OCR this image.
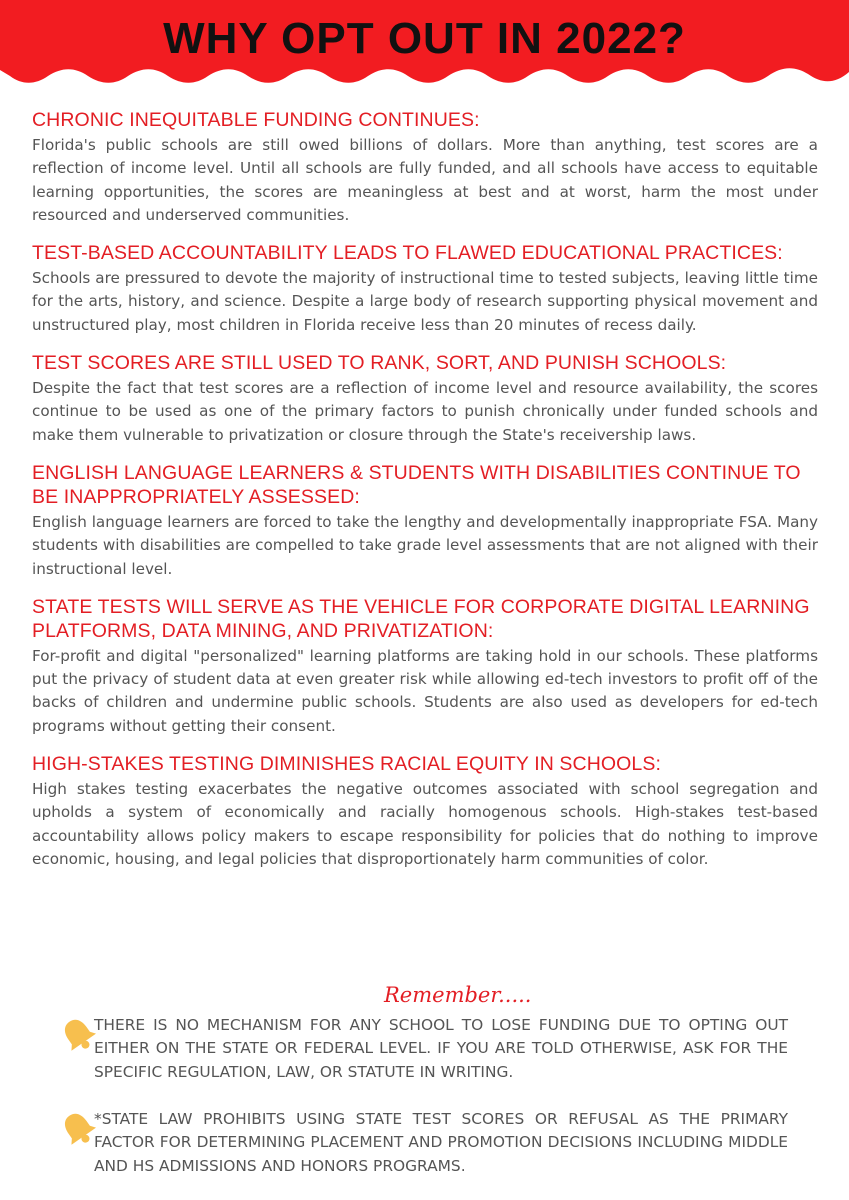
WHY OPT OUT IN 2022?
CHRONIC INEQUITABLE FUNDING CONTINUES:

Florida's public schools are still owed billions of dollars. More than anything, test scores are a reflection of income level. Until all schools are fully funded, and all schools have access to equitable learning opportunities, the scores are meaningless at best and at worst, harm the most under resourced and underserved communities.

TEST-BASED ACCOUNTABILITY LEADS TO FLAWED EDUCATIONAL PRACTICES:

Schools are pressured to devote the majority of instructional time to tested subjects, leaving little time for the arts, history, and science. Despite a large body of research supporting physical movement and unstructured play, most children in Florida receive less than 20 minutes of recess daily.

TEST SCORES ARE STILL USED TO RANK, SORT, AND PUNISH SCHOOLS:

Despite the fact that test scores are a reflection of income level and resource availability, the scores continue to be used as one of the primary factors to punish chronically under funded schools and make them vulnerable to privatization or closure through the State's receivership laws.

ENGLISH LANGUAGE LEARNERS & STUDENTS WITH DISABILITIES CONTINUE TO BE INAPPROPRIATELY ASSESSED:

English language learners are forced to take the lengthy and developmentally inappropriate FSA. Many students with disabilities are compelled to take grade level assessments that are not aligned with their instructional level.

STATE TESTS WILL SERVE AS THE VEHICLE FOR CORPORATE DIGITAL LEARNING PLATFORMS, DATA MINING, AND PRIVATIZATION:

For-profit and digital "personalized" learning platforms are taking hold in our schools. These platforms put the privacy of student data at even greater risk while allowing ed-tech investors to profit off of the backs of children and undermine public schools. Students are also used as developers for ed-tech programs without getting their consent.

HIGH-STAKES TESTING DIMINISHES RACIAL EQUITY IN SCHOOLS:

High stakes testing exacerbates the negative outcomes associated with school segregation and upholds a system of economically and racially homogenous schools. High-stakes test-based accountability allows policy makers to escape responsibility for policies that do nothing to improve economic, housing, and legal policies that disproportionately harm communities of color.

Remember.....
THERE IS NO MECHANISM FOR ANY SCHOOL TO LOSE FUNDING DUE TO OPTING OUT EITHER ON THE STATE OR FEDERAL LEVEL. IF YOU ARE TOLD OTHERWISE, ASK FOR THE SPECIFIC REGULATION, LAW, OR STATUTE IN WRITING.
*STATE LAW PROHIBITS USING STATE TEST SCORES OR REFUSAL AS THE PRIMARY FACTOR FOR DETERMINING PLACEMENT AND PROMOTION DECISIONS INCLUDING MIDDLE AND HS ADMISSIONS AND HONORS PROGRAMS.
